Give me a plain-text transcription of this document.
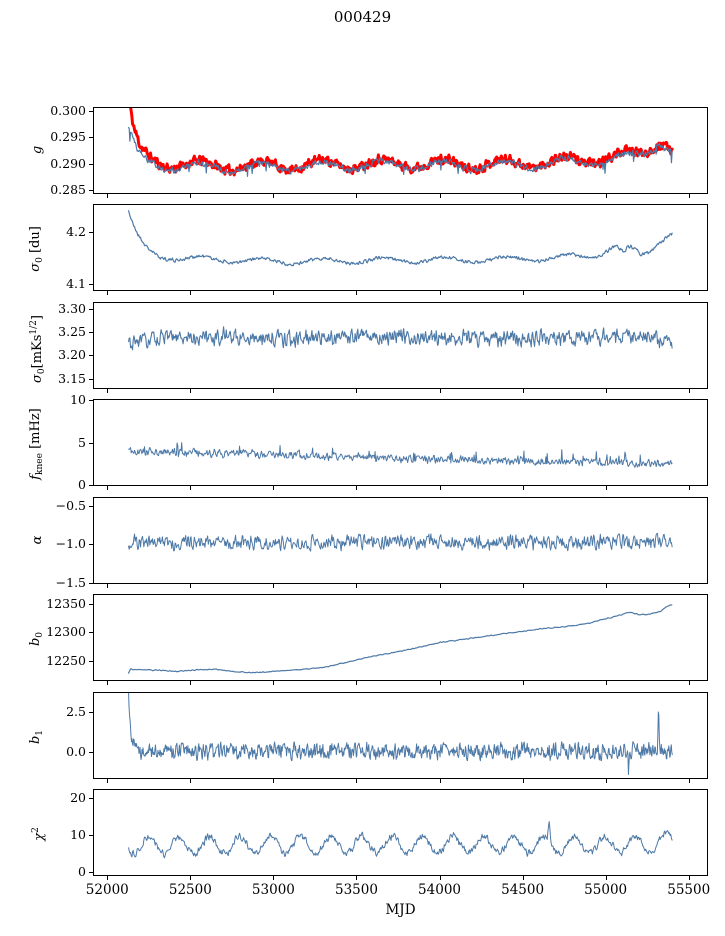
000429
MJD
0.285
0.290
0.295
0.300
g
4.1
4.2
$\sigma_0$ [du]
3.15
3.20
3.25
3.30
$\sigma_0[mKs^{1/2}]$
0
5
10
$f_{knee}$ [mHz]
−0.5
−1.0
−1.5
α
12250
12300
12350
$b_0$
0.0
2.5
$b_1$
0
10
20
$\chi^2$
52000	52500	53000	53500	54000	54500	55000	55500
